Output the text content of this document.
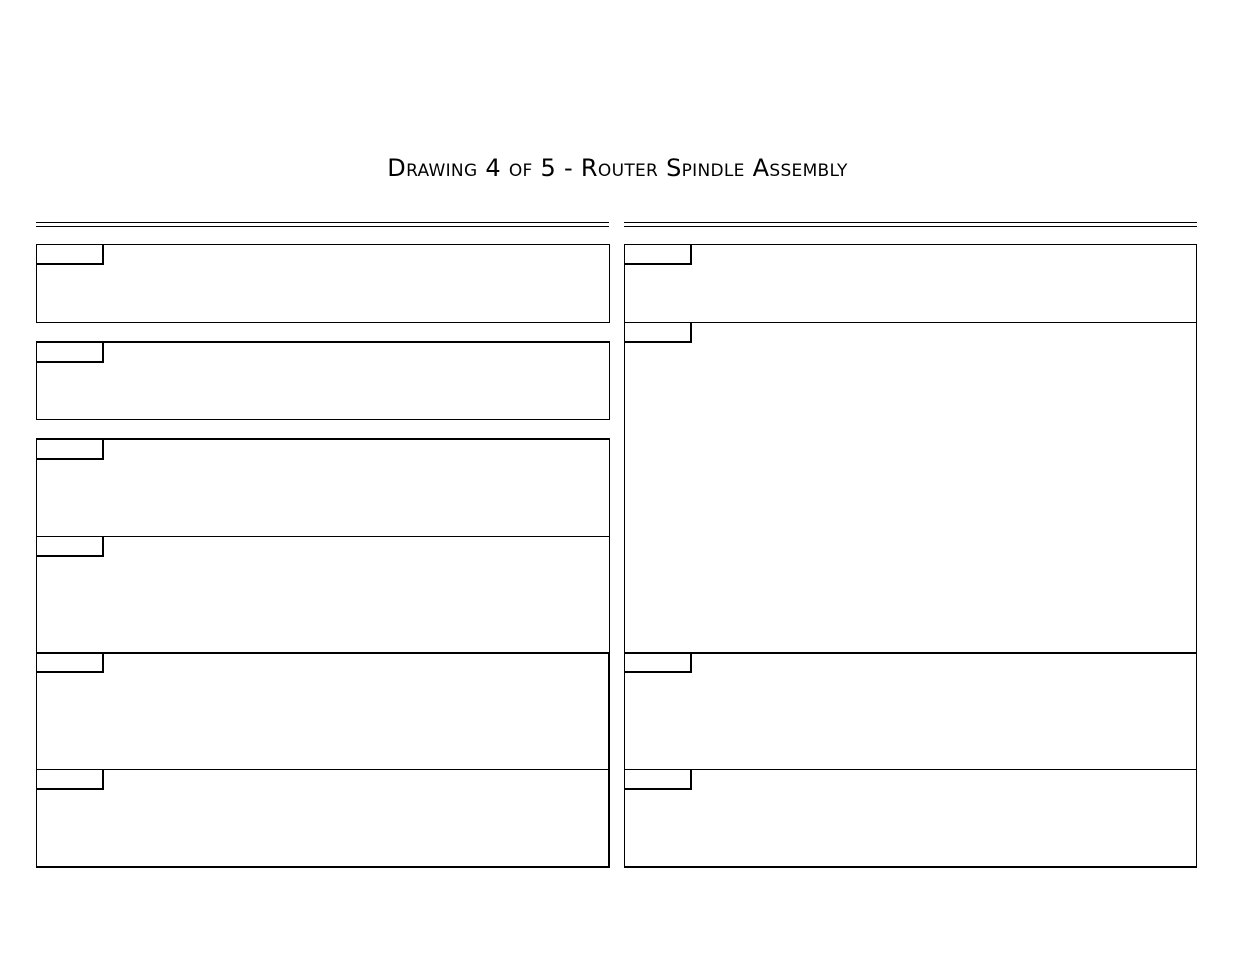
Drawing 4 of 5 - Router Spindle Assembly
